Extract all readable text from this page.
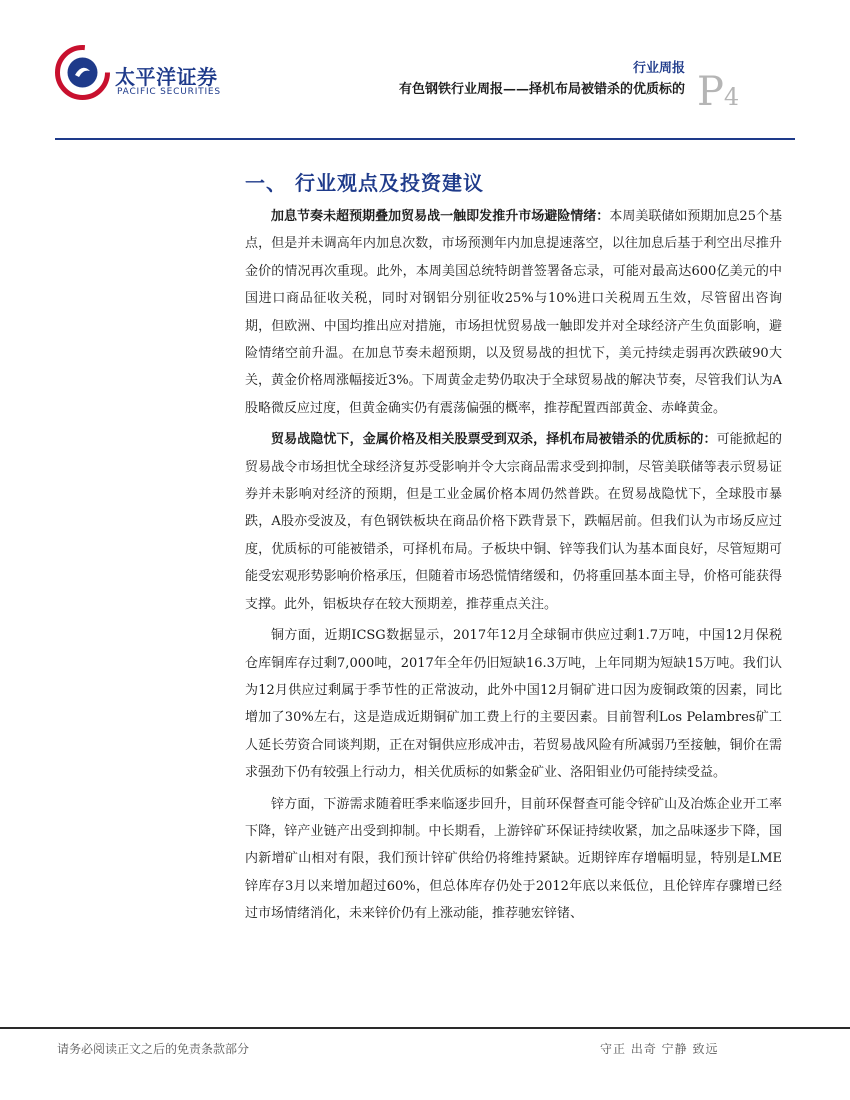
太平洋证券
PACIFIC SECURITIES
行业周报
有色钢铁行业周报——择机布局被错杀的优质标的 P4
一、 行业观点及投资建议

加息节奏未超预期叠加贸易战一触即发推升市场避险情绪：本周美联储如预期加息25个基点，但是并未调高年内加息次数，市场预测年内加息提速落空，以往加息后基于利空出尽推升金价的情况再次重现。此外，本周美国总统特朗普签署备忘录，可能对最高达600亿美元的中国进口商品征收关税，同时对钢铝分别征收25%与10%进口关税周五生效，尽管留出咨询期，但欧洲、中国均推出应对措施，市场担忧贸易战一触即发并对全球经济产生负面影响，避险情绪空前升温。在加息节奏未超预期，以及贸易战的担忧下，美元持续走弱再次跌破90大关，黄金价格周涨幅接近3%。下周黄金走势仍取决于全球贸易战的解决节奏，尽管我们认为A股略微反应过度，但黄金确实仍有震荡偏强的概率，推荐配置西部黄金、赤峰黄金。

贸易战隐忧下，金属价格及相关股票受到双杀，择机布局被错杀的优质标的：可能掀起的贸易战令市场担忧全球经济复苏受影响并令大宗商品需求受到抑制，尽管美联储等表示贸易证券并未影响对经济的预期，但是工业金属价格本周仍然普跌。在贸易战隐忧下，全球股市暴跌，A股亦受波及，有色钢铁板块在商品价格下跌背景下，跌幅居前。但我们认为市场反应过度，优质标的可能被错杀，可择机布局。子板块中铜、锌等我们认为基本面良好，尽管短期可能受宏观形势影响价格承压，但随着市场恐慌情绪缓和，仍将重回基本面主导，价格可能获得支撑。此外，铝板块存在较大预期差，推荐重点关注。

铜方面，近期ICSG数据显示，2017年12月全球铜市供应过剩1.7万吨，中国12月保税仓库铜库存过剩7,000吨，2017年全年仍旧短缺16.3万吨，上年同期为短缺15万吨。我们认为12月供应过剩属于季节性的正常波动，此外中国12月铜矿进口因为废铜政策的因素，同比增加了30%左右，这是造成近期铜矿加工费上行的主要因素。目前智利Los Pelambres矿工人延长劳资合同谈判期，正在对铜供应形成冲击，若贸易战风险有所减弱乃至接触，铜价在需求强劲下仍有较强上行动力，相关优质标的如紫金矿业、洛阳钼业仍可能持续受益。

锌方面，下游需求随着旺季来临逐步回升，目前环保督查可能令锌矿山及冶炼企业开工率下降，锌产业链产出受到抑制。中长期看，上游锌矿环保证持续收紧，加之品味逐步下降，国内新增矿山相对有限，我们预计锌矿供给仍将维持紧缺。近期锌库存增幅明显，特别是LME锌库存3月以来增加超过60%，但总体库存仍处于2012年底以来低位，且伦锌库存骤增已经过市场情绪消化，未来锌价仍有上涨动能，推荐驰宏锌锗、

请务必阅读正文之后的免责条款部分	守正 出奇 宁静 致远
